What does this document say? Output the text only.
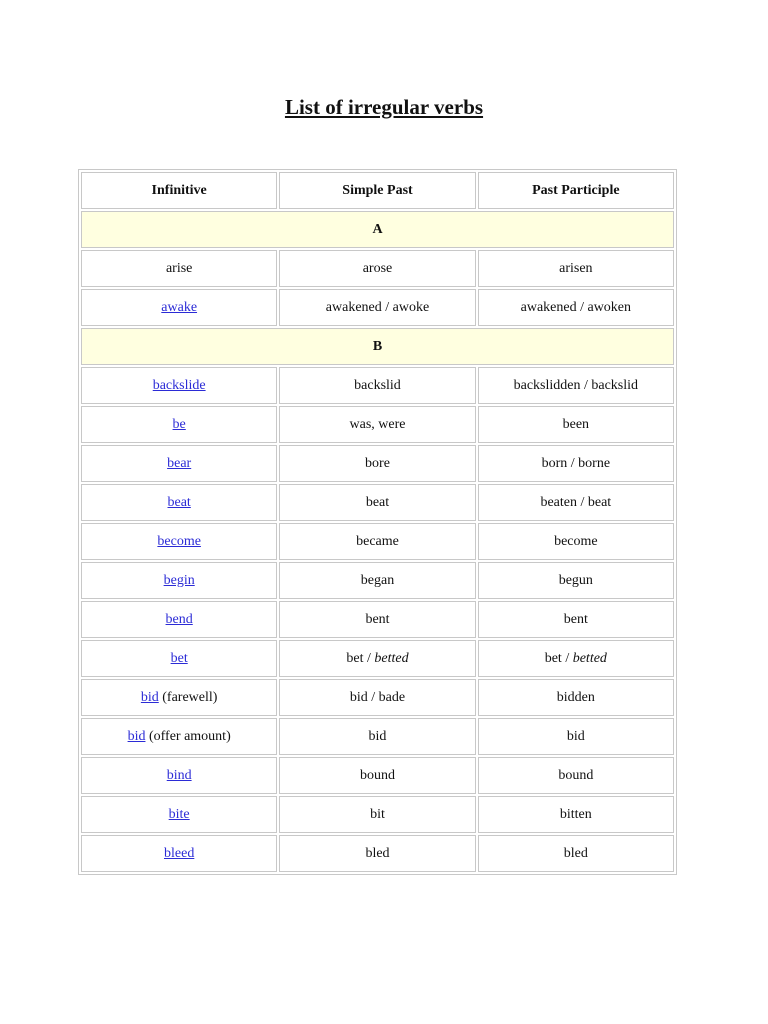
List of irregular verbs
Infinitive	Simple Past	Past Participle
A		
arise	arose	arisen
awake	awakened / awoke	awakened / awoken
B		
backslide	backslid	backslidden / backslid
be	was, were	been
bear	bore	born / borne
beat	beat	beaten / beat
become	became	become
begin	began	begun
bend	bent	bent
bet	bet / betted	bet / betted
bid (farewell)	bid / bade	bidden
bid (offer amount)	bid	bid
bind	bound	bound
bite	bit	bitten
bleed	bled	bled
